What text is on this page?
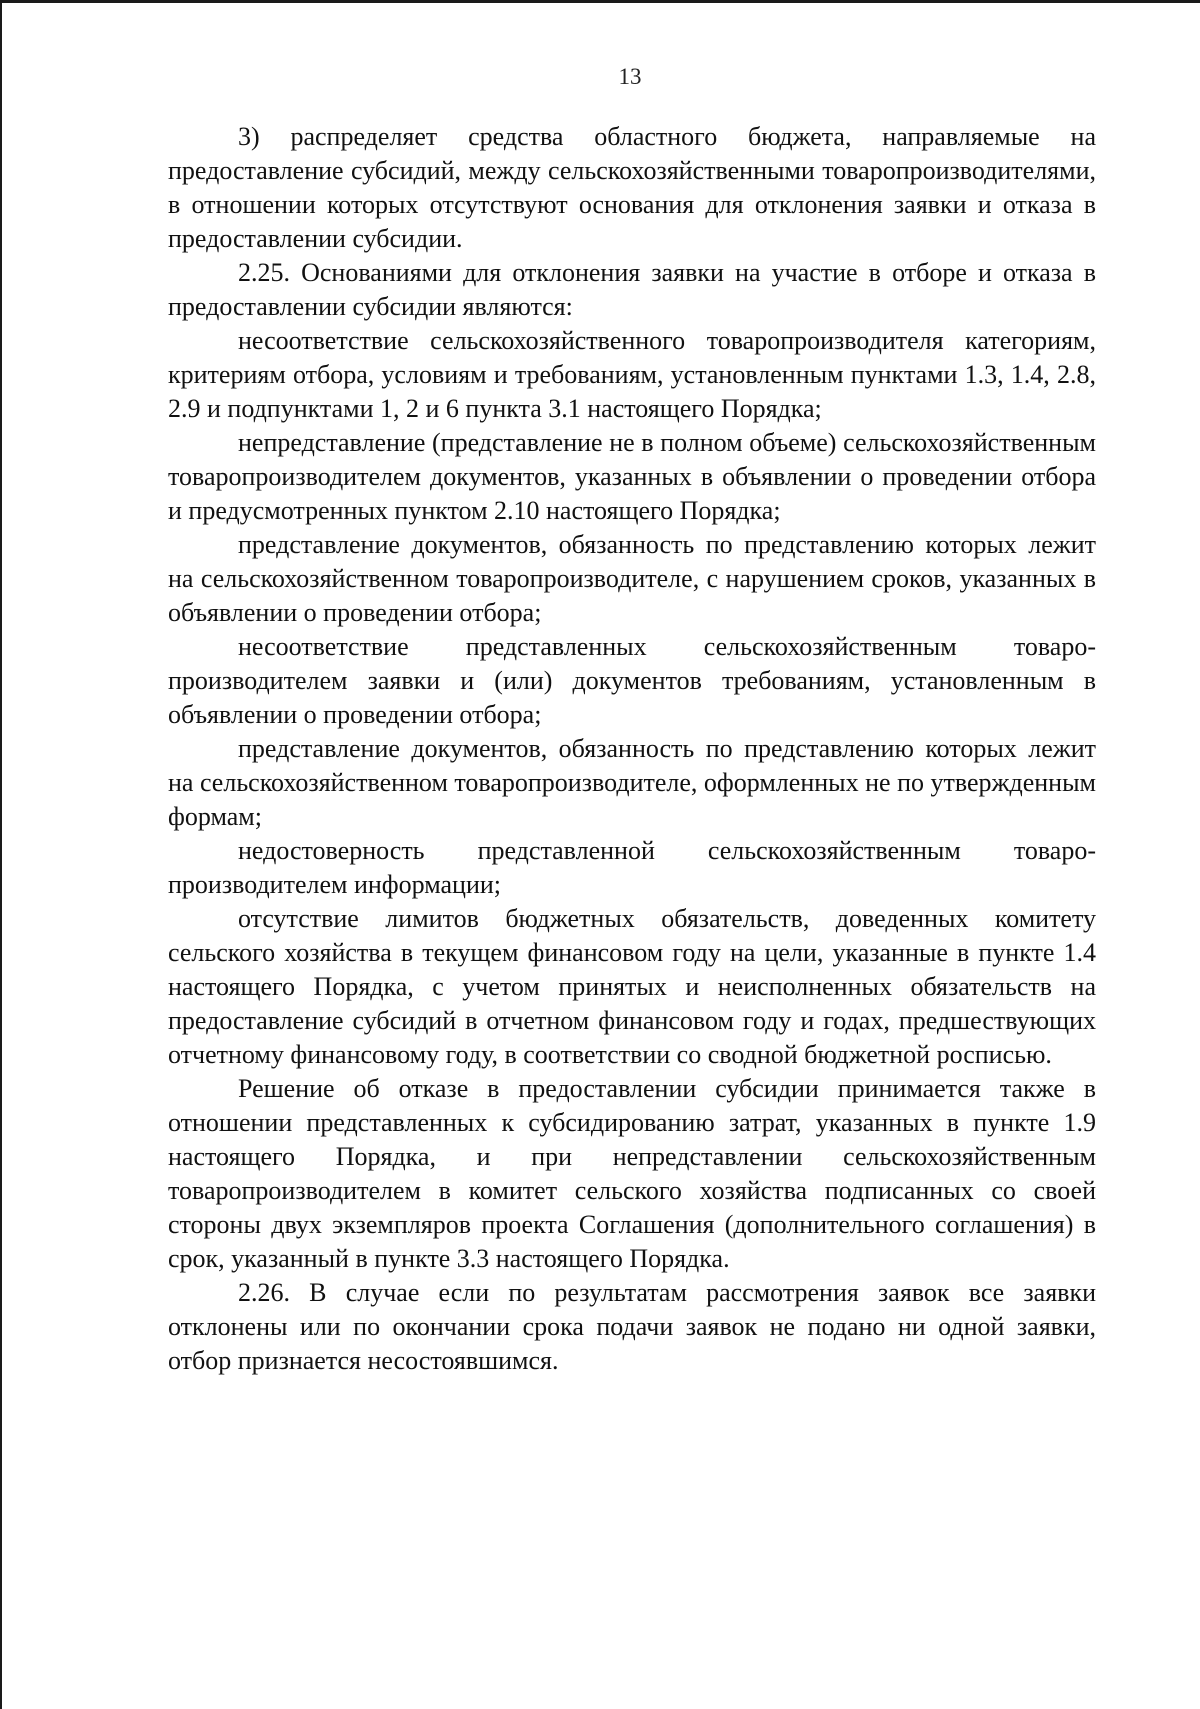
13

3) распределяет средства областного бюджета, направляемые на предоставление субсидий, между сельскохозяйственными товаропроизводителями, в отношении которых отсутствуют основания для отклонения заявки и отказа в предоставлении субсидии.

2.25. Основаниями для отклонения заявки на участие в отборе и отказа в предоставлении субсидии являются:

несоответствие сельскохозяйственного товаропроизводителя категориям, критериям отбора, условиям и требованиям, установленным пунктами 1.3, 1.4, 2.8, 2.9 и подпунктами 1, 2 и 6 пункта 3.1 настоящего Порядка;

непредставление (представление не в полном объеме) сельскохозяйственным товаропроизводителем документов, указанных в объявлении о проведении отбора и предусмотренных пунктом 2.10 настоящего Порядка;

представление документов, обязанность по представлению которых лежит на сельскохозяйственном товаропроизводителе, с нарушением сроков, указанных в объявлении о проведении отбора;

несоответствие представленных сельскохозяйственным товаропроизводителем заявки и (или) документов требованиям, установленным в объявлении о проведении отбора;

представление документов, обязанность по представлению которых лежит на сельскохозяйственном товаропроизводителе, оформленных не по утвержденным формам;

недостоверность представленной сельскохозяйственным товаропроизводителем информации;

отсутствие лимитов бюджетных обязательств, доведенных комитету сельского хозяйства в текущем финансовом году на цели, указанные в пункте 1.4 настоящего Порядка, с учетом принятых и неисполненных обязательств на предоставление субсидий в отчетном финансовом году и годах, предшествующих отчетному финансовому году, в соответствии со сводной бюджетной росписью.

Решение об отказе в предоставлении субсидии принимается также в отношении представленных к субсидированию затрат, указанных в пункте 1.9 настоящего Порядка, и при непредставлении сельскохозяйственным товаропроизводителем в комитет сельского хозяйства подписанных со своей стороны двух экземпляров проекта Соглашения (дополнительного соглашения) в срок, указанный в пункте 3.3 настоящего Порядка.

2.26. В случае если по результатам рассмотрения заявок все заявки отклонены или по окончании срока подачи заявок не подано ни одной заявки, отбор признается несостоявшимся.
